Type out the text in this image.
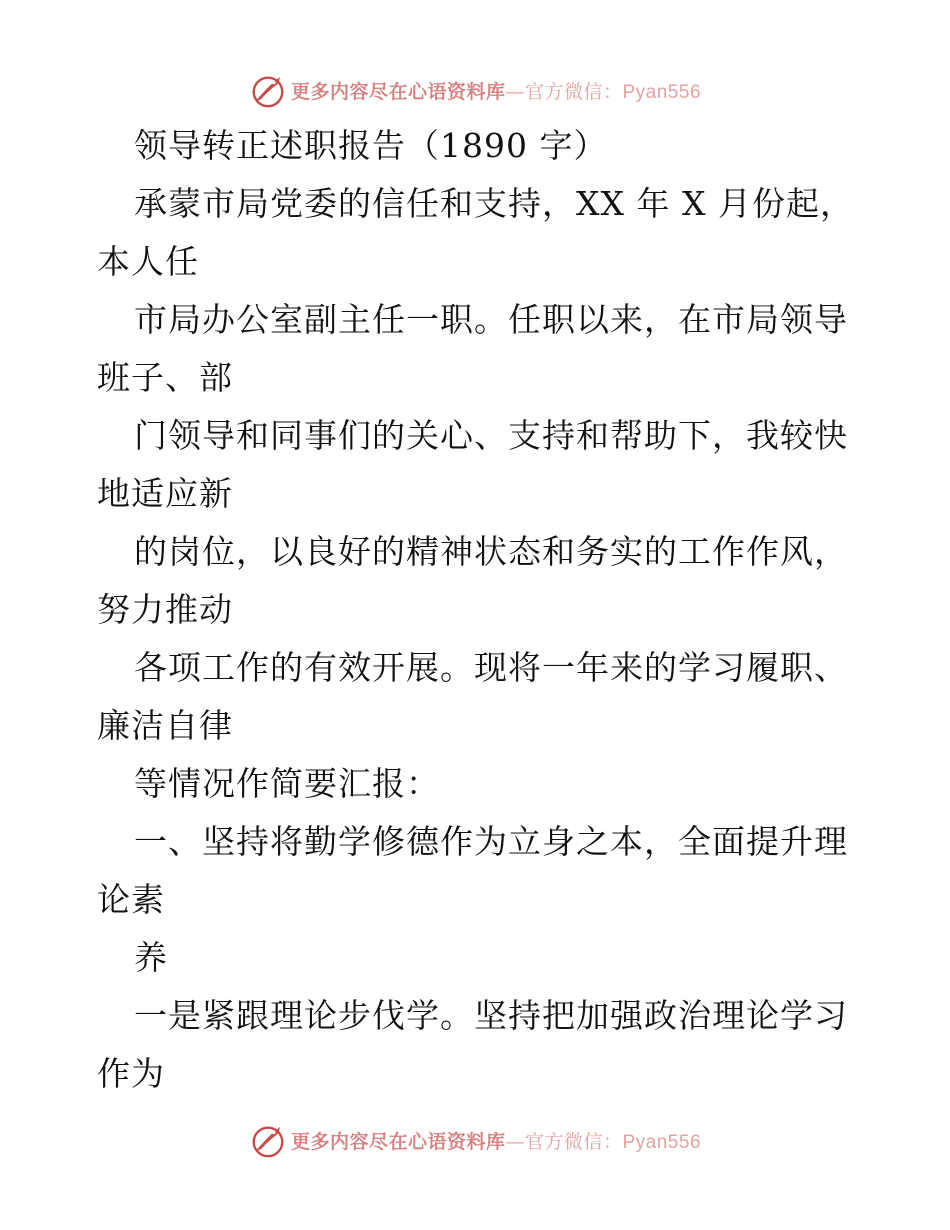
更多内容尽在心语资料库—官方微信：Pyan556
领导转正述职报告（1890 字）
承蒙市局党委的信任和支持，XX 年 X 月份起，
本人任
市局办公室副主任一职。任职以来，在市局领导
班子、部
门领导和同事们的关心、支持和帮助下，我较快
地适应新
的岗位，以良好的精神状态和务实的工作作风，
努力推动
各项工作的有效开展。现将一年来的学习履职、
廉洁自律
等情况作简要汇报：
一、坚持将勤学修德作为立身之本，全面提升理
论素
养
一是紧跟理论步伐学。坚持把加强政治理论学习
作为
更多内容尽在心语资料库—官方微信：Pyan556
